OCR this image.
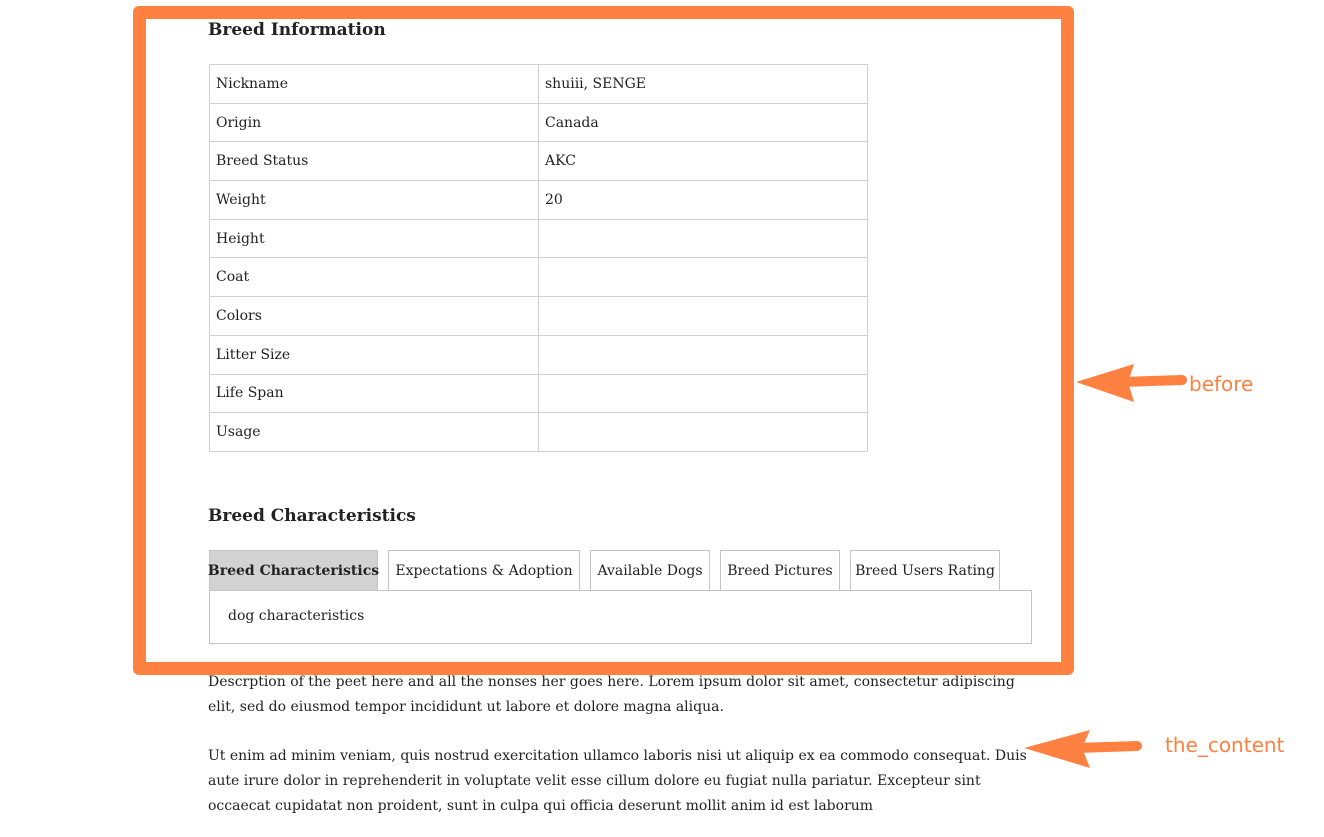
Breed Information
Nickname	shuiii, SENGE
Origin	Canada
Breed Status	AKC
Weight	20
Height	
Coat	
Colors	
Litter Size	
Life Span	
Usage	
Breed Characteristics
Breed Characteristics	Expectations & Adoption	Available Dogs	Breed Pictures	Breed Users Rating
dog characteristics

Descrption of the peet here and all the nonses her goes here. Lorem ipsum dolor sit amet, consectetur adipiscing elit, sed do eiusmod tempor incididunt ut labore et dolore magna aliqua.

Ut enim ad minim veniam, quis nostrud exercitation ullamco laboris nisi ut aliquip ex ea commodo consequat. Duis aute irure dolor in reprehenderit in voluptate velit esse cillum dolore eu fugiat nulla pariatur. Excepteur sint occaecat cupidatat non proident, sunt in culpa qui officia deserunt mollit anim id est laborum

before
the_content
